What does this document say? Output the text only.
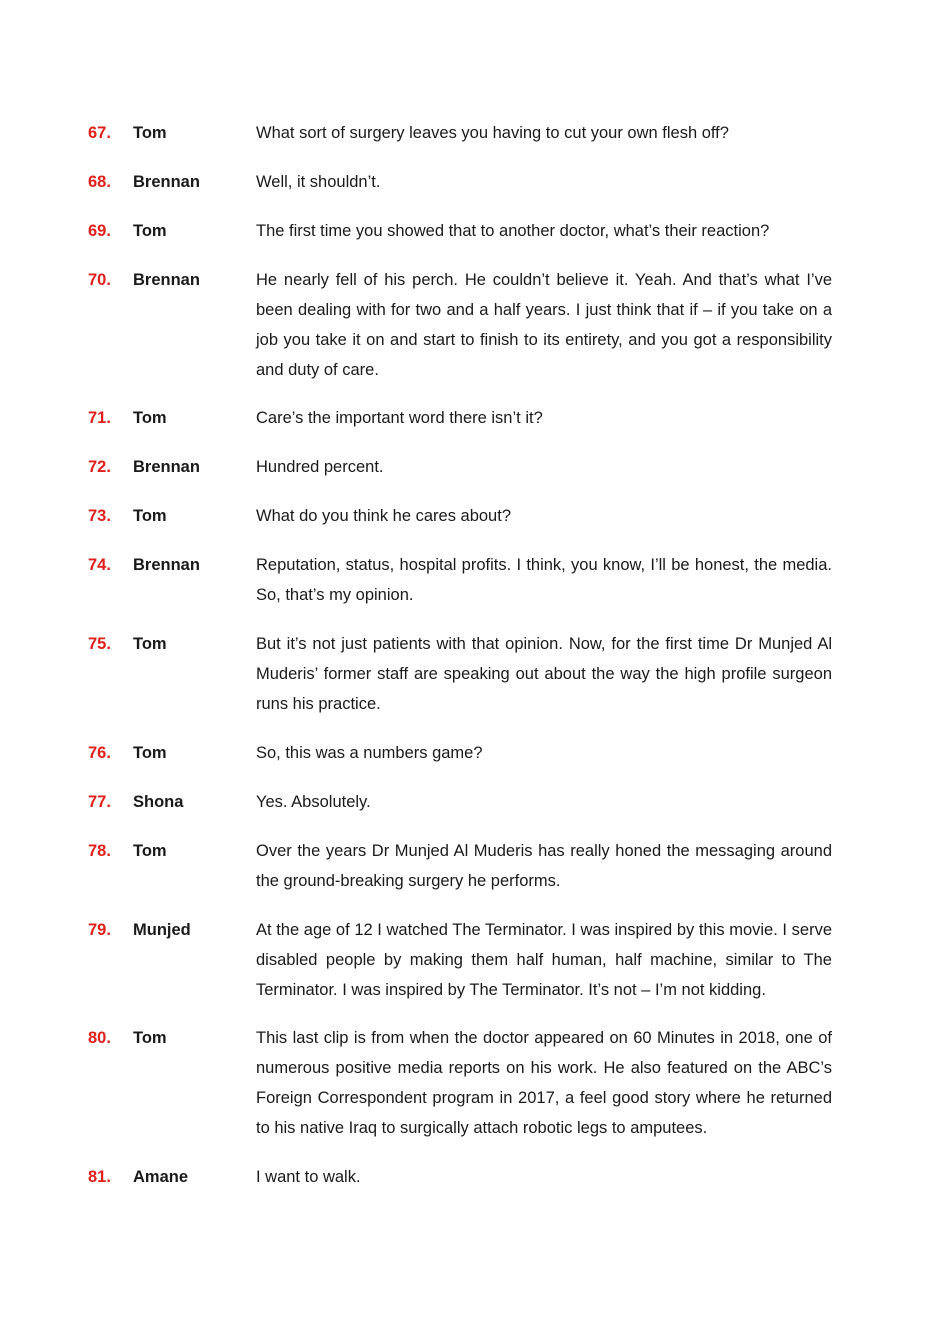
67. Tom	What sort of surgery leaves you having to cut your own flesh off?
68. Brennan	Well, it shouldn’t.
69. Tom	The first time you showed that to another doctor, what’s their reaction?
70. Brennan	He nearly fell of his perch. He couldn’t believe it. Yeah. And that’s what I’ve been dealing with for two and a half years. I just think that if – if you take on a job you take it on and start to finish to its entirety, and you got a responsibility and duty of care.
71. Tom	Care’s the important word there isn’t it?
72. Brennan	Hundred percent.
73. Tom	What do you think he cares about?
74. Brennan	Reputation, status, hospital profits. I think, you know, I’ll be honest, the media. So, that’s my opinion.
75. Tom	But it’s not just patients with that opinion. Now, for the first time Dr Munjed Al Muderis’ former staff are speaking out about the way the high profile surgeon runs his practice.
76. Tom	So, this was a numbers game?
77. Shona	Yes. Absolutely.
78. Tom	Over the years Dr Munjed Al Muderis has really honed the messaging around the ground-breaking surgery he performs.
79. Munjed	At the age of 12 I watched The Terminator. I was inspired by this movie. I serve disabled people by making them half human, half machine, similar to The Terminator. I was inspired by The Terminator. It’s not – I’m not kidding.
80. Tom	This last clip is from when the doctor appeared on 60 Minutes in 2018, one of numerous positive media reports on his work. He also featured on the ABC’s Foreign Correspondent program in 2017, a feel good story where he returned to his native Iraq to surgically attach robotic legs to amputees.
81. Amane	I want to walk.
